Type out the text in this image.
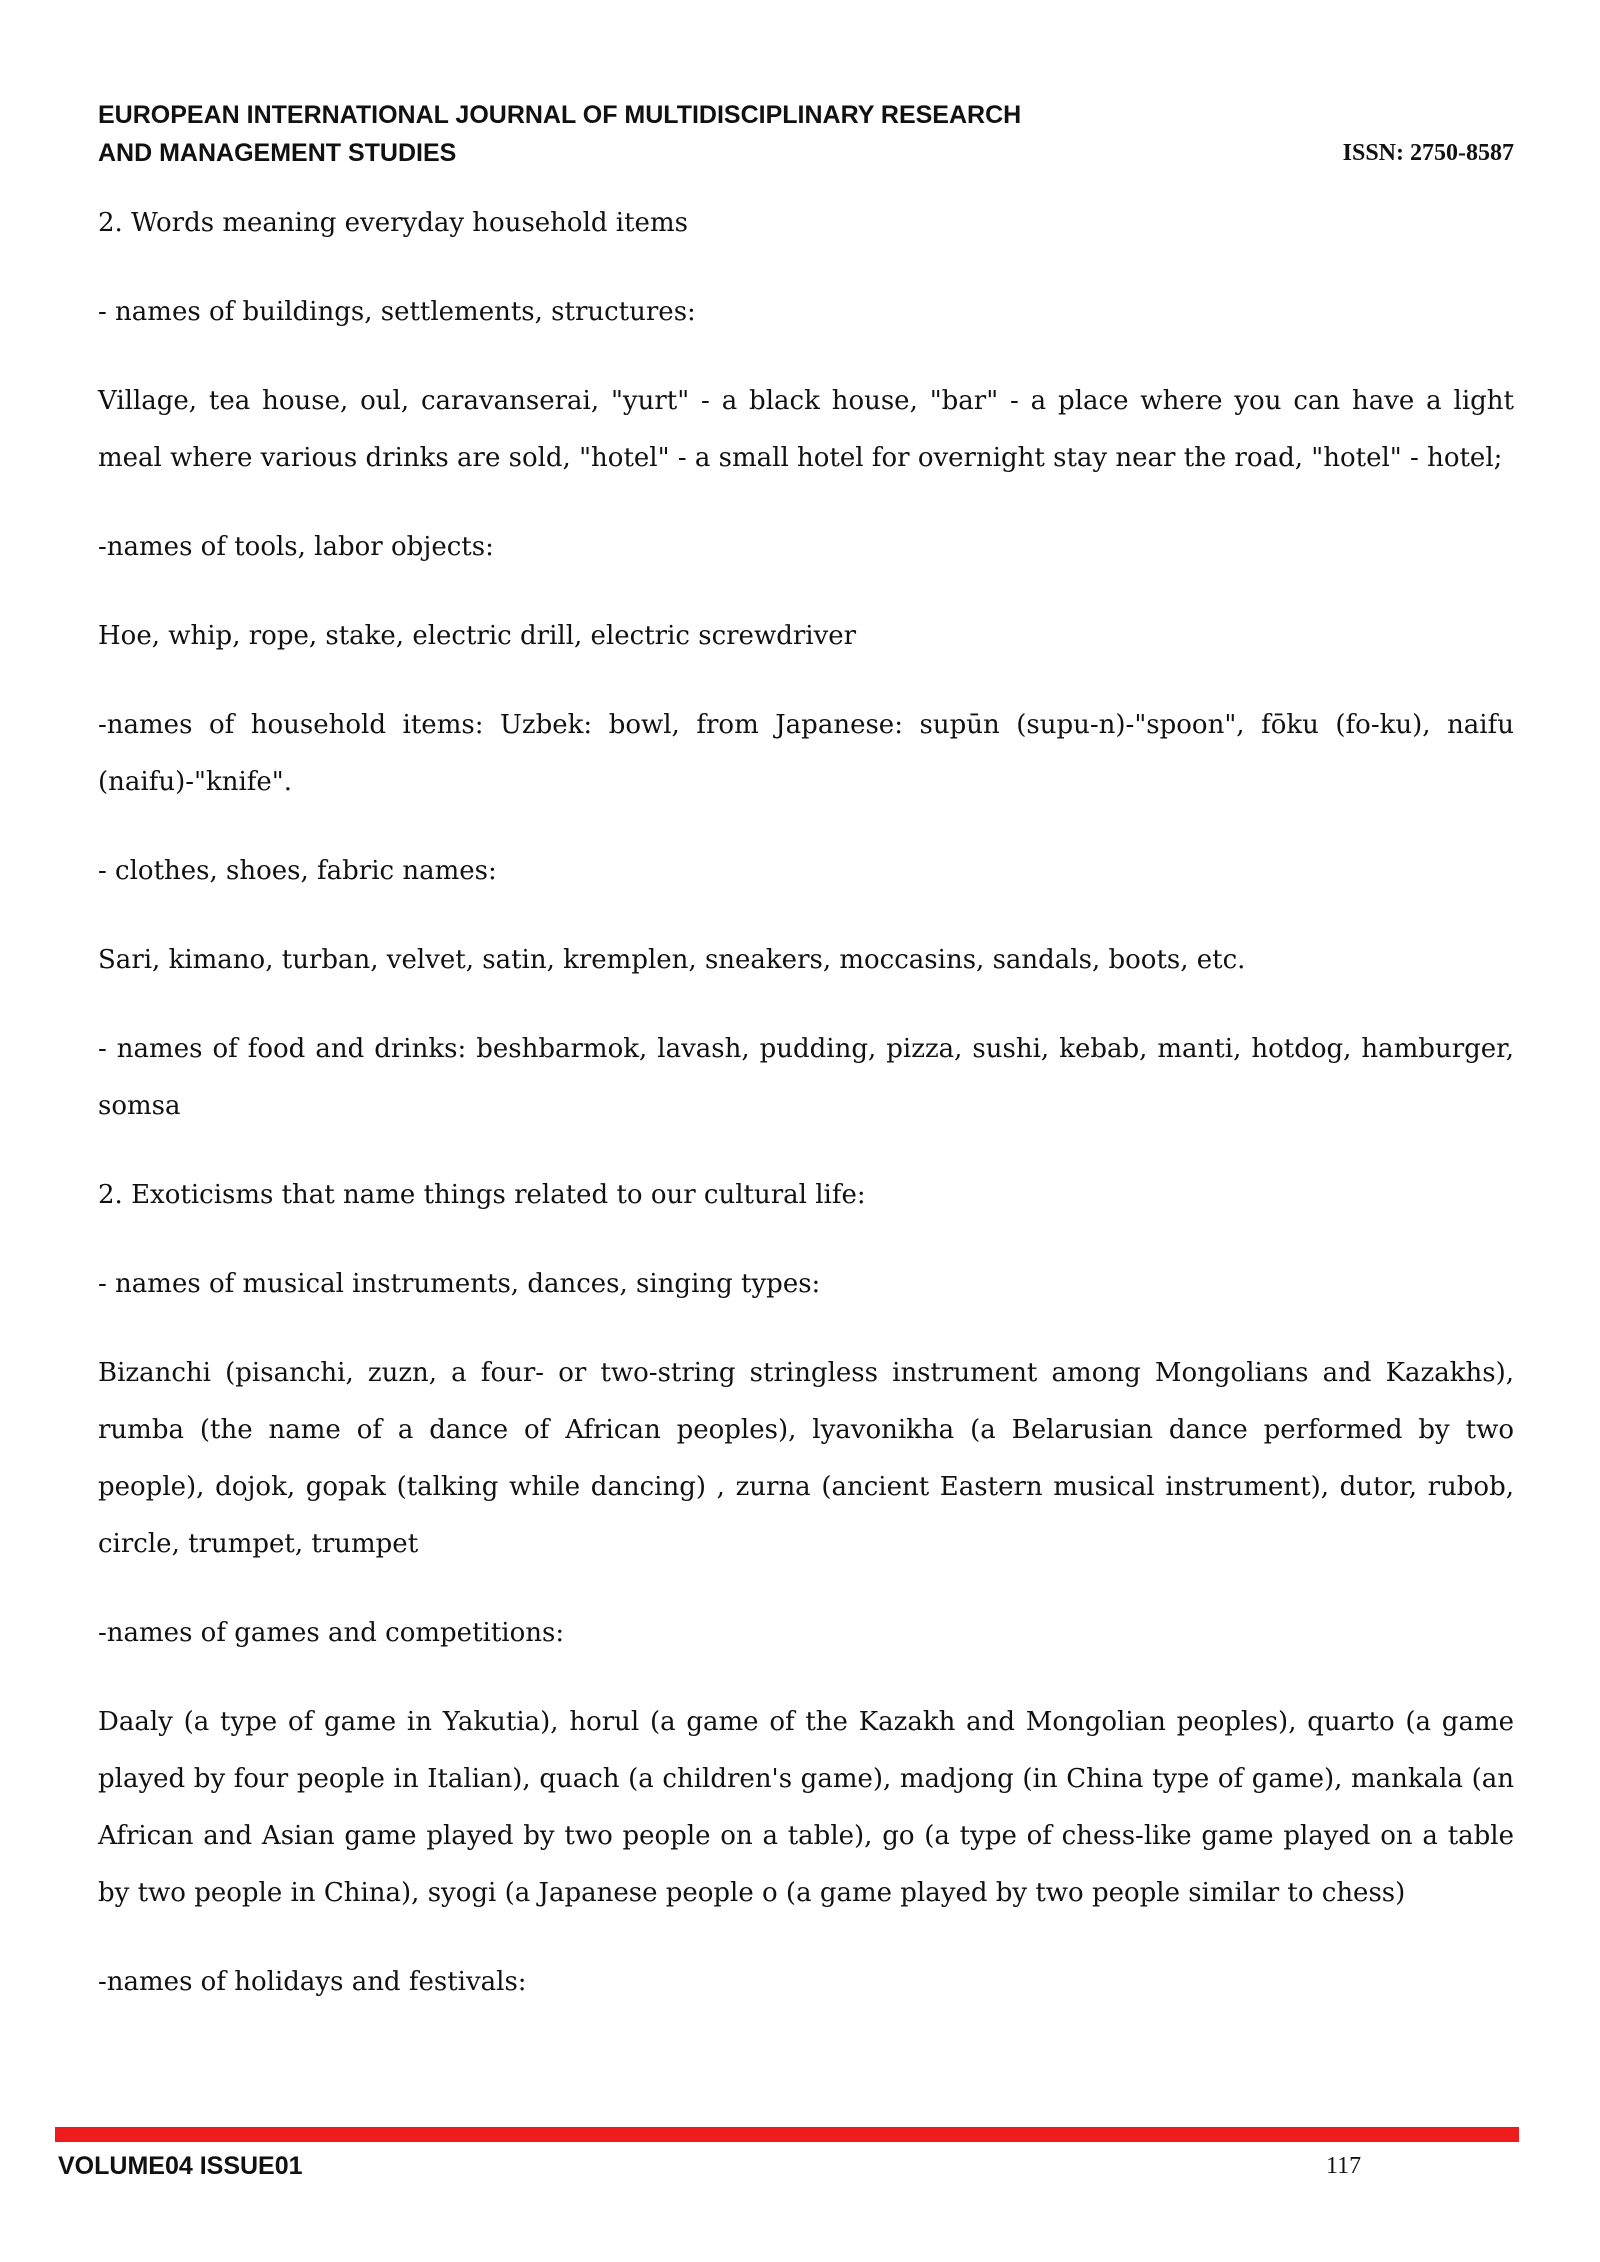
EUROPEAN INTERNATIONAL JOURNAL OF MULTIDISCIPLINARY RESEARCH
AND MANAGEMENT STUDIES	ISSN: 2750-8587

2. Words meaning everyday household items

- names of buildings, settlements, structures:

Village, tea house, oul, caravanserai, "yurt" - a black house, "bar" - a place where you can have a light meal where various drinks are sold, "hotel" - a small hotel for overnight stay near the road, "hotel" - hotel;

-names of tools, labor objects:

Hoe, whip, rope, stake, electric drill, electric screwdriver

-names of household items: Uzbek: bowl, from Japanese: supūn (supu-n)-"spoon", fōku (fo-ku), naifu (naifu)-"knife".

- clothes, shoes, fabric names:

Sari, kimano, turban, velvet, satin, kremplen, sneakers, moccasins, sandals, boots, etc.

- names of food and drinks: beshbarmok, lavash, pudding, pizza, sushi, kebab, manti, hotdog, hamburger, somsa

2. Exoticisms that name things related to our cultural life:

- names of musical instruments, dances, singing types:

Bizanchi (pisanchi, zuzn, a four- or two-string stringless instrument among Mongolians and Kazakhs), rumba (the name of a dance of African peoples), lyavonikha (a Belarusian dance performed by two people), dojok, gopak (talking while dancing) , zurna (ancient Eastern musical instrument), dutor, rubob, circle, trumpet, trumpet

-names of games and competitions:

Daaly (a type of game in Yakutia), horul (a game of the Kazakh and Mongolian peoples), quarto (a game played by four people in Italian), quach (a children's game), madjong (in China type of game), mankala (an African and Asian game played by two people on a table), go (a type of chess-like game played on a table by two people in China), syogi (a Japanese people o (a game played by two people similar to chess)

-names of holidays and festivals:

VOLUME04 ISSUE01	117
